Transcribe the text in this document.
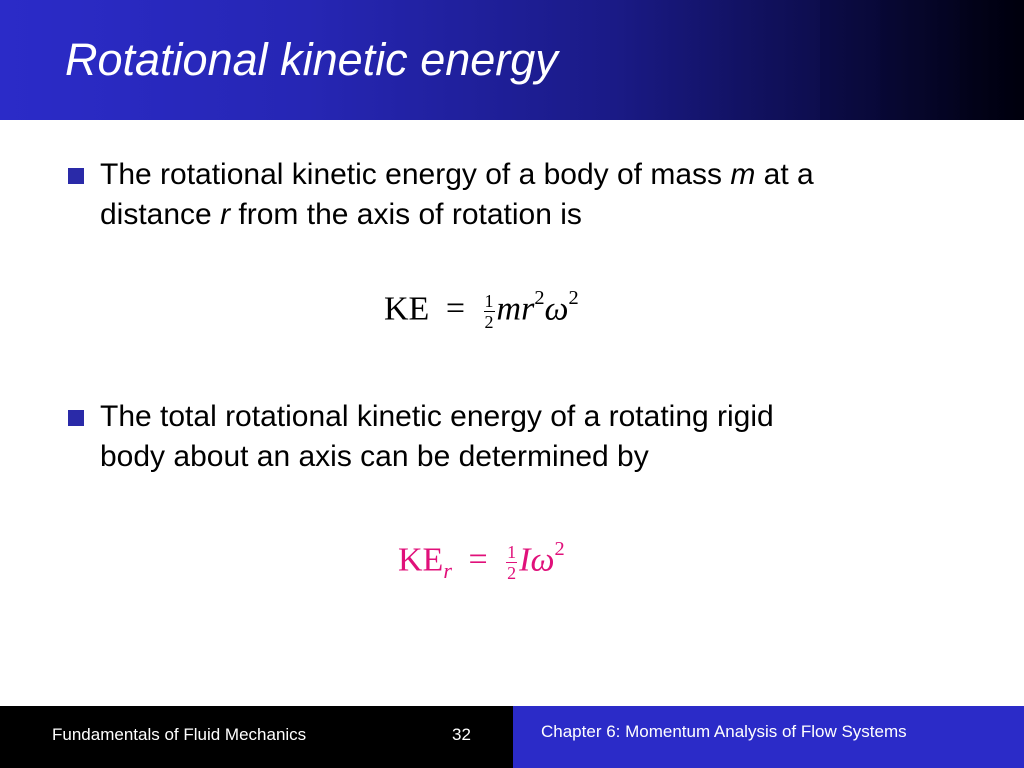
Rotational kinetic energy
The rotational kinetic energy of a body of mass m at a
distance r from the axis of rotation is
KE = $\frac{1}{2} mr^2\omega^2$
The total rotational kinetic energy of a rotating rigid
body about an axis can be determined by
$KE_r = \frac{1}{2} I\omega^2$
Fundamentals of Fluid Mechanics	32	Chapter 6: Momentum Analysis of Flow Systems
